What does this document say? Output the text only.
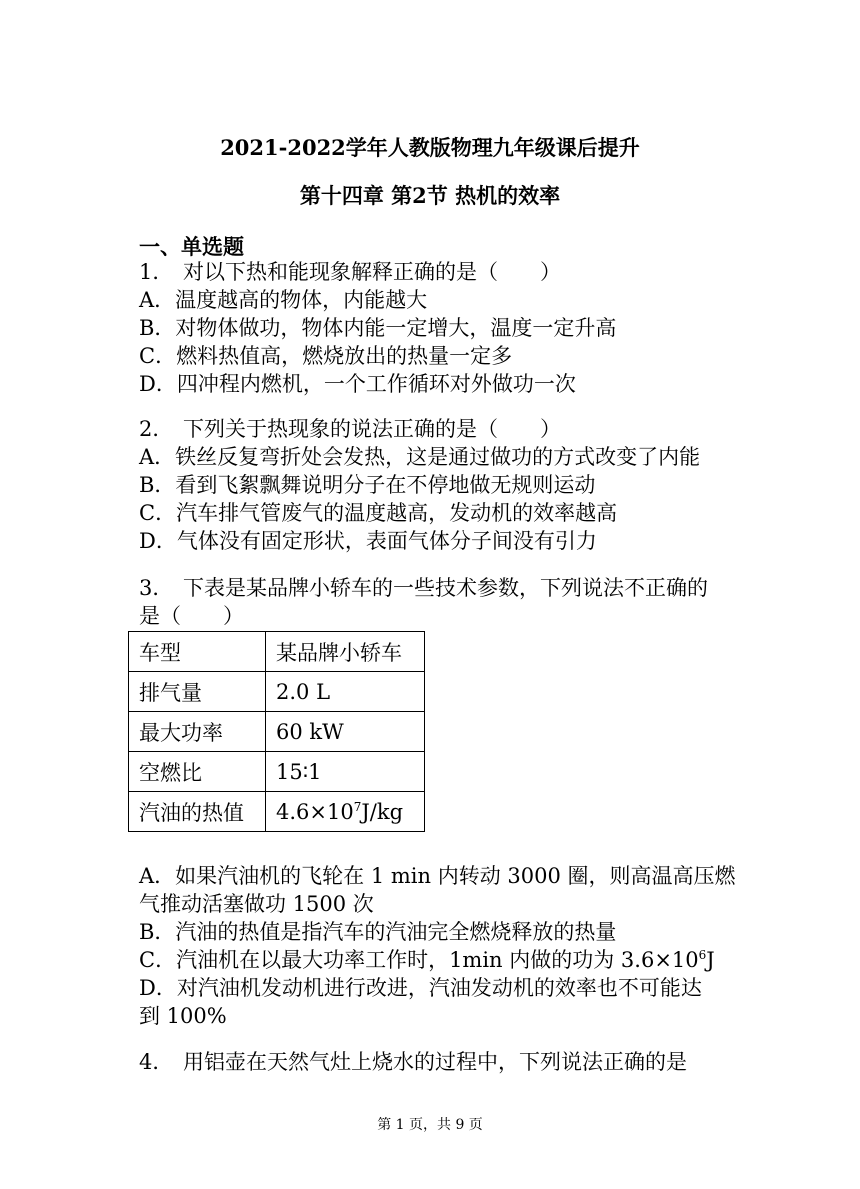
2021-2022学年人教版物理九年级课后提升
第十四章 第2节 热机的效率
一、单选题
1． 对以下热和能现象解释正确的是（　　）
A．温度越高的物体，内能越大
B．对物体做功，物体内能一定增大，温度一定升高
C．燃料热值高，燃烧放出的热量一定多
D．四冲程内燃机，一个工作循环对外做功一次
2． 下列关于热现象的说法正确的是（　　）
A．铁丝反复弯折处会发热，这是通过做功的方式改变了内能
B．看到飞絮飘舞说明分子在不停地做无规则运动
C．汽车排气管废气的温度越高，发动机的效率越高
D．气体没有固定形状，表面气体分子间没有引力
3． 下表是某品牌小轿车的一些技术参数，下列说法不正确的
是（　　）
车型	某品牌小轿车
排气量	2.0 L
最大功率	60 kW
空燃比	15∶1
汽油的热值	$4.6\times 10^7J/kg$
A．如果汽油机的飞轮在 1 min 内转动 3000 圈，则高温高压燃
气推动活塞做功 1500 次
B．汽油的热值是指汽车的汽油完全燃烧释放的热量
C．汽油机在以最大功率工作时，1min 内做的功为 $3.6\times 10^6J$
D．对汽油机发动机进行改进，汽油发动机的效率也不可能达
到 100%
4． 用铝壶在天然气灶上烧水的过程中，下列说法正确的是
第 1 页，共 9 页
